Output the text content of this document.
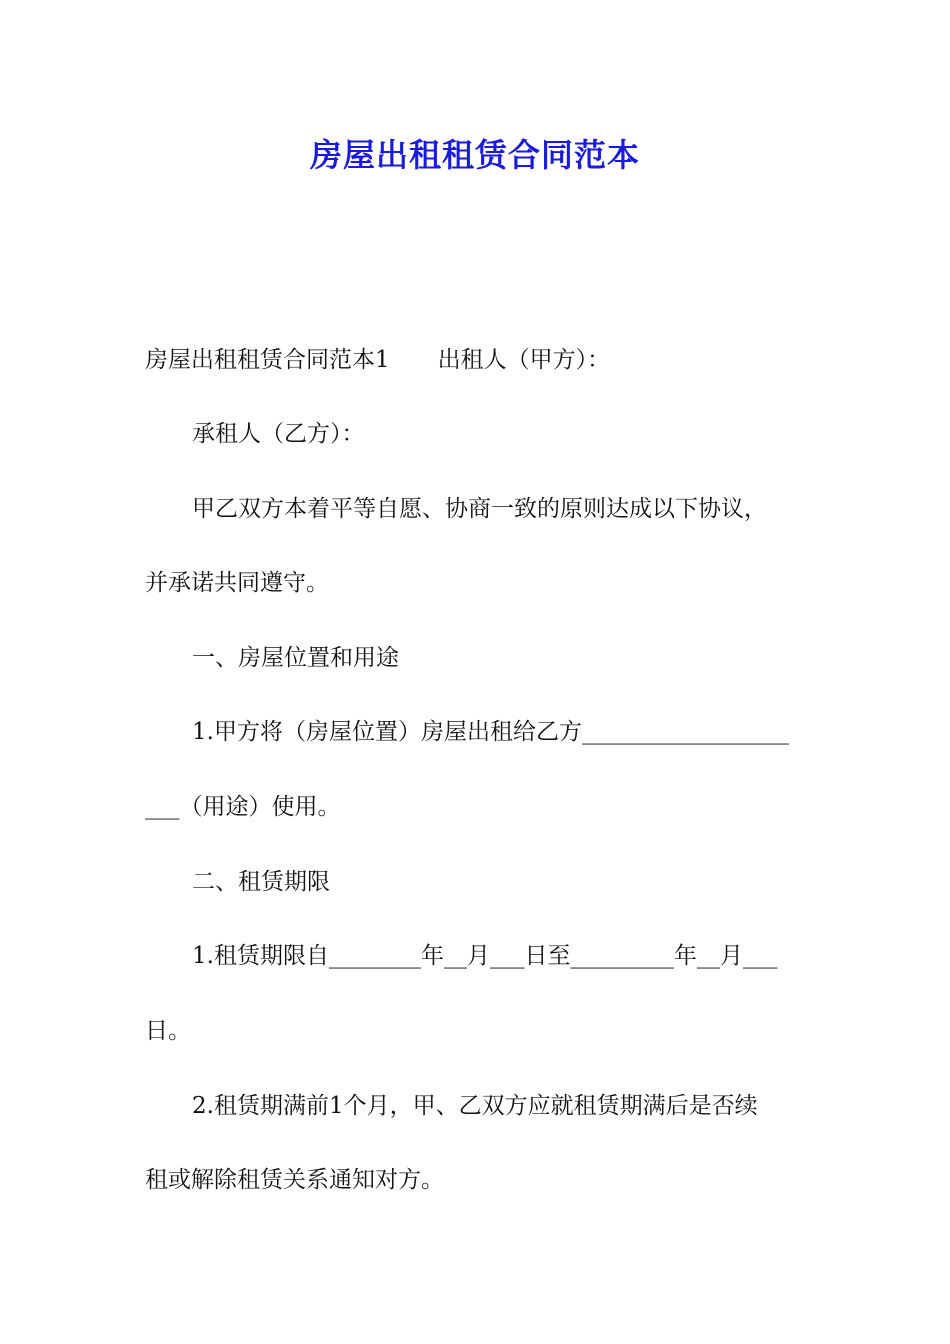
房屋出租租赁合同范本
房屋出租租赁合同范本1 出租人（甲方）：
承租人（乙方）：
甲乙双方本着平等自愿、协商一致的原则达成以下协议，
并承诺共同遵守。
一、房屋位置和用途
1.甲方将（房屋位置）房屋出租给乙方__________________
___（用途）使用。
二、租赁期限
1.租赁期限自________年__月___日至_________年__月___
日。
2.租赁期满前1个月，甲、乙双方应就租赁期满后是否续
租或解除租赁关系通知对方。
